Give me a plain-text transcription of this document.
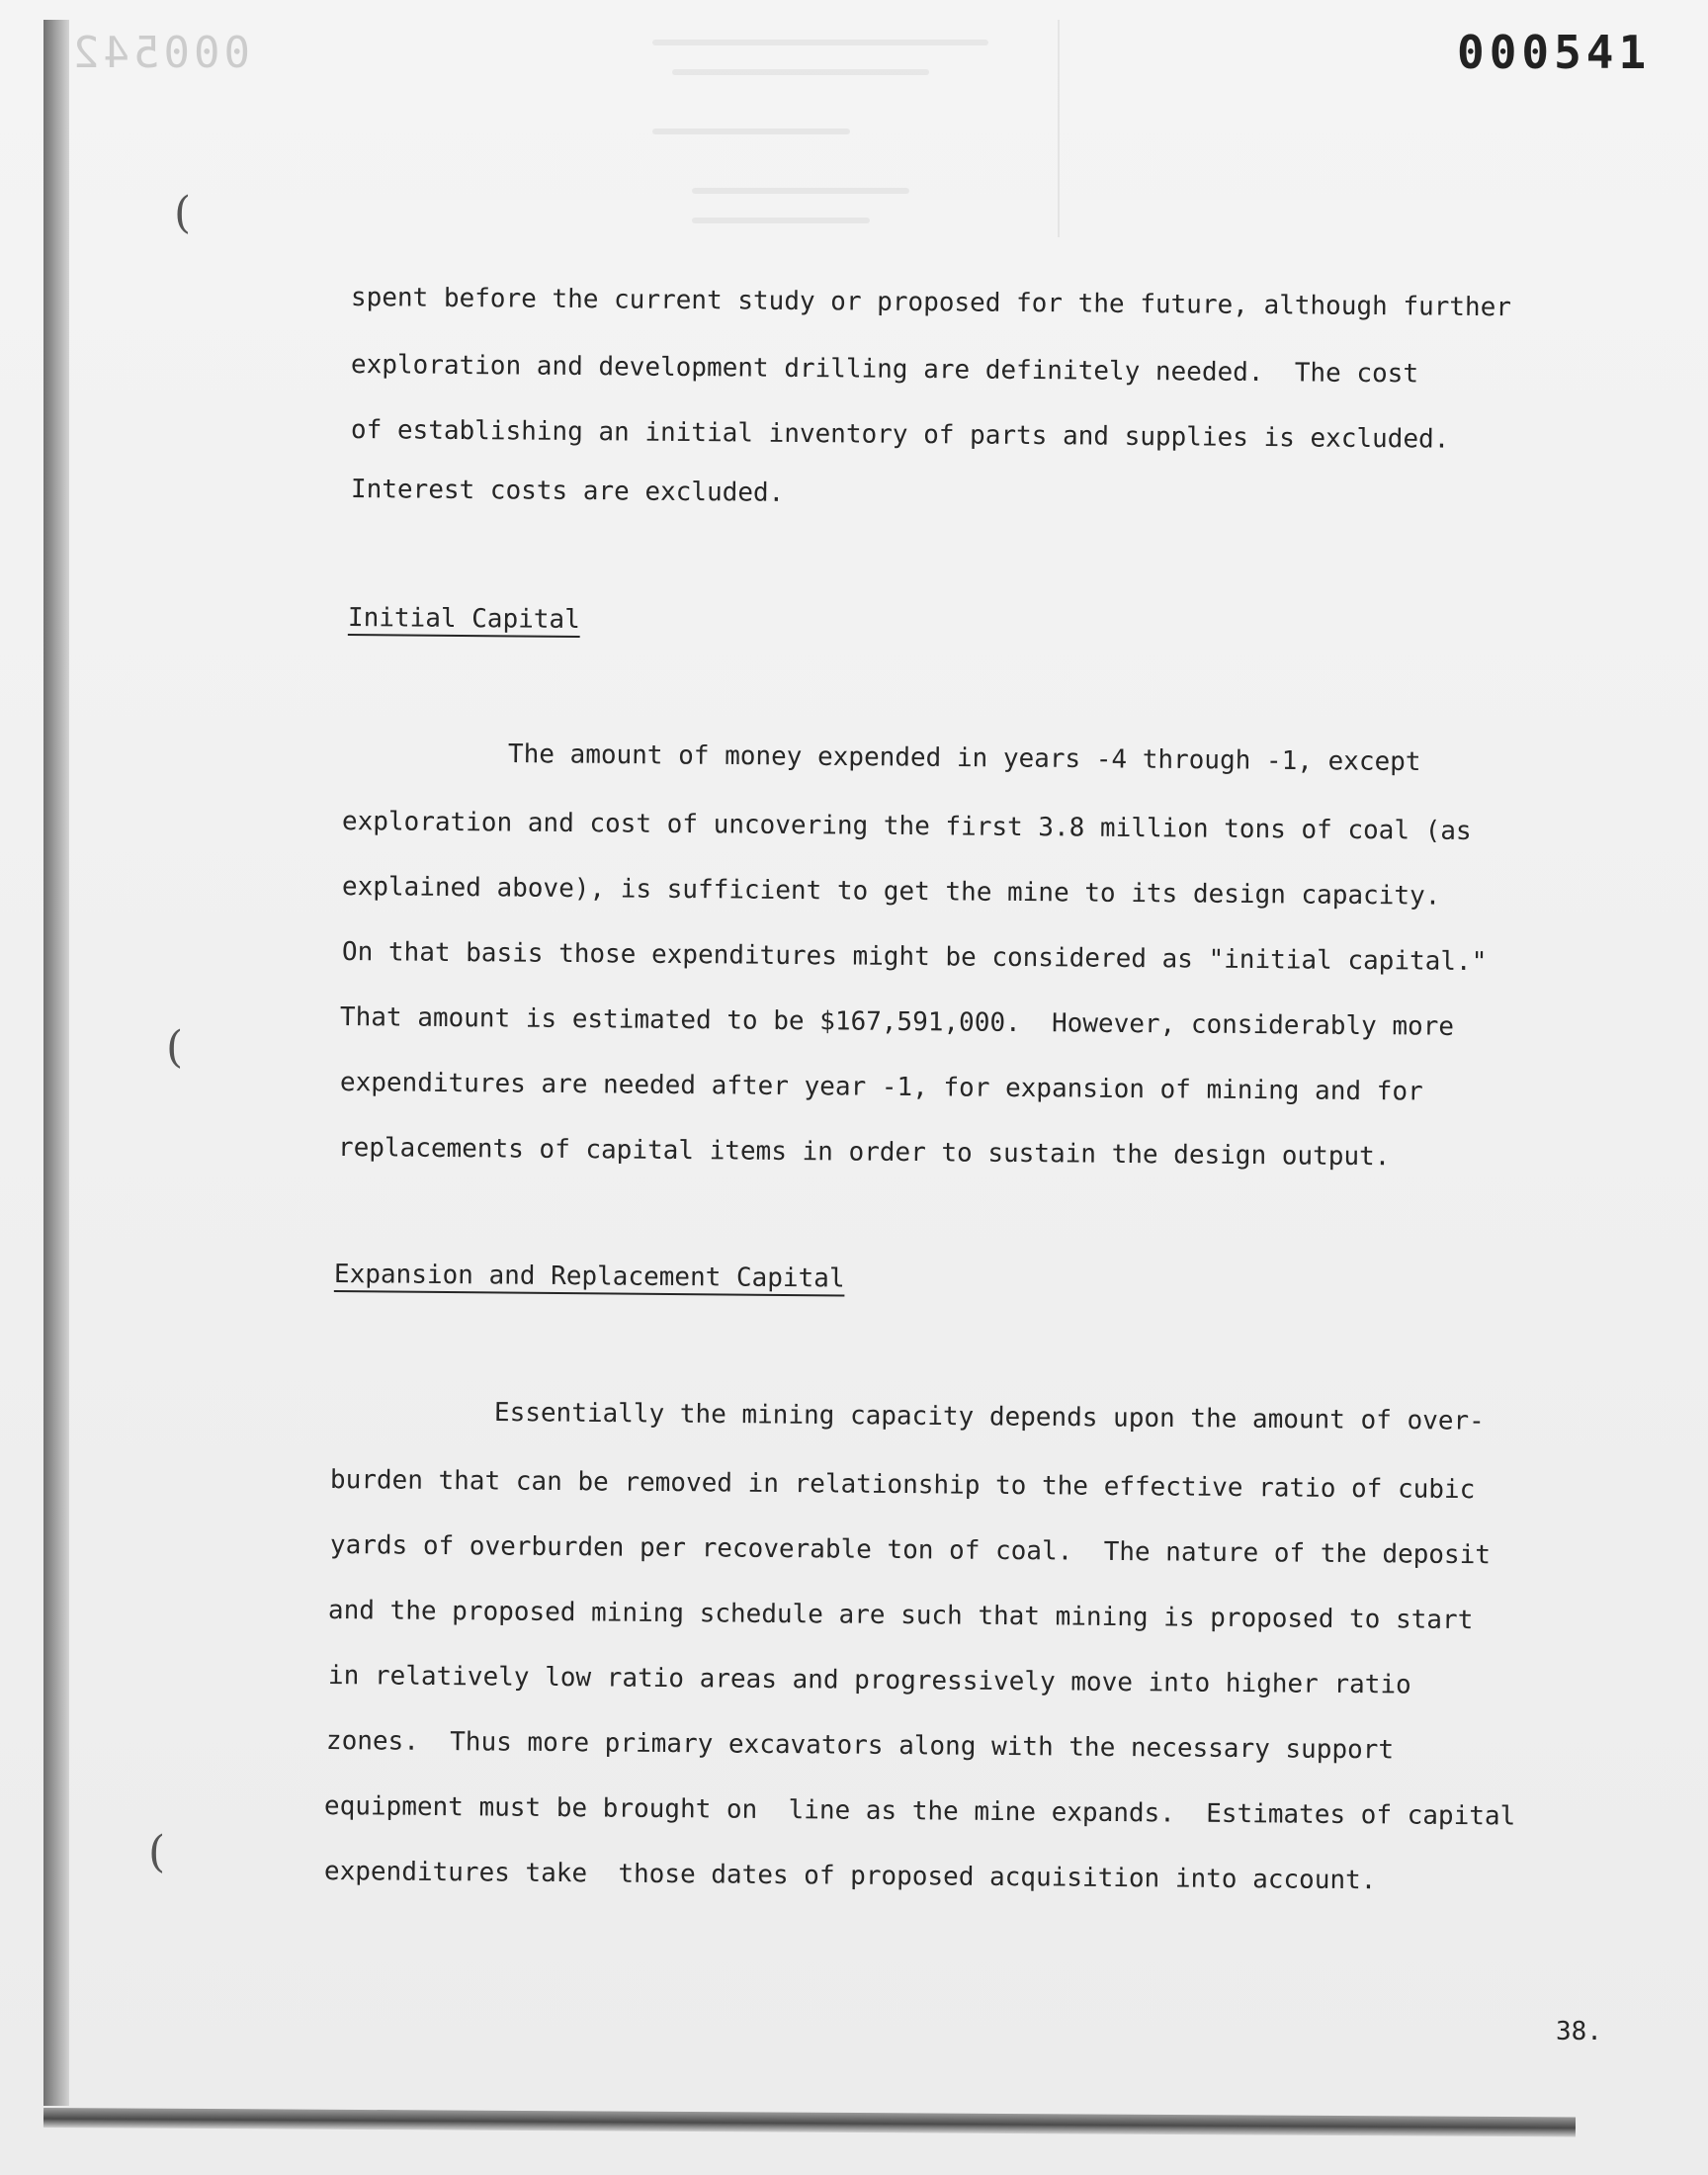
000542	000541
(
(
(
spent before the current study or proposed for the future, although further
exploration and development drilling are definitely needed.  The cost
of establishing an initial inventory of parts and supplies is excluded.
Interest costs are excluded.
Initial Capital
The amount of money expended in years -4 through -1, except
exploration and cost of uncovering the first 3.8 million tons of coal (as
explained above), is sufficient to get the mine to its design capacity.
On that basis those expenditures might be considered as "initial capital."
That amount is estimated to be $167,591,000.  However, considerably more
expenditures are needed after year -1, for expansion of mining and for
replacements of capital items in order to sustain the design output.
Expansion and Replacement Capital
Essentially the mining capacity depends upon the amount of over-
burden that can be removed in relationship to the effective ratio of cubic
yards of overburden per recoverable ton of coal.  The nature of the deposit
and the proposed mining schedule are such that mining is proposed to start
in relatively low ratio areas and progressively move into higher ratio
zones.  Thus more primary excavators along with the necessary support
equipment must be brought on  line as the mine expands.  Estimates of capital
expenditures take  those dates of proposed acquisition into account.
38.
